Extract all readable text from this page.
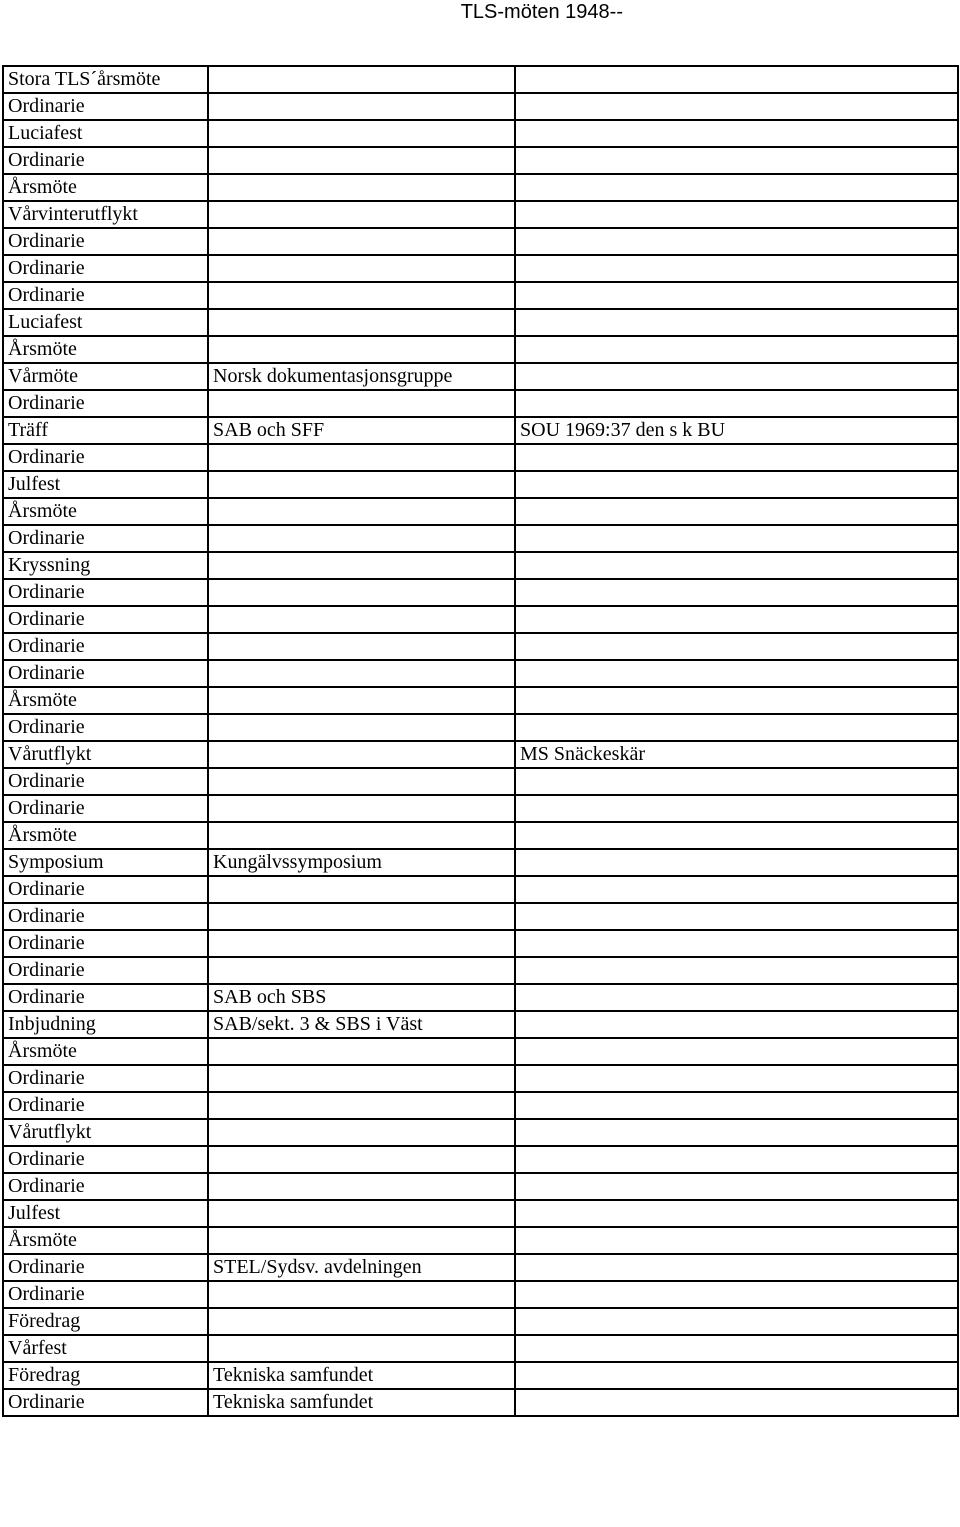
TLS-möten 1948--
Stora TLS´årsmöte		
Ordinarie		
Luciafest		
Ordinarie		
Årsmöte		
Vårvinterutflykt		
Ordinarie		
Ordinarie		
Ordinarie		
Luciafest		
Årsmöte		
Vårmöte	Norsk dokumentasjonsgruppe	
Ordinarie		
Träff	SAB och SFF	SOU 1969:37 den s k BU
Ordinarie		
Julfest		
Årsmöte		
Ordinarie		
Kryssning		
Ordinarie		
Ordinarie		
Ordinarie		
Ordinarie		
Årsmöte		
Ordinarie		
Vårutflykt		MS Snäckeskär
Ordinarie		
Ordinarie		
Årsmöte		
Symposium	Kungälvssymposium	
Ordinarie		
Ordinarie		
Ordinarie		
Ordinarie		
Ordinarie	SAB och SBS	
Inbjudning	SAB/sekt. 3 & SBS i Väst	
Årsmöte		
Ordinarie		
Ordinarie		
Vårutflykt		
Ordinarie		
Ordinarie		
Julfest		
Årsmöte		
Ordinarie	STEL/Sydsv. avdelningen	
Ordinarie		
Föredrag		
Vårfest		
Föredrag	Tekniska samfundet	
Ordinarie	Tekniska samfundet	
